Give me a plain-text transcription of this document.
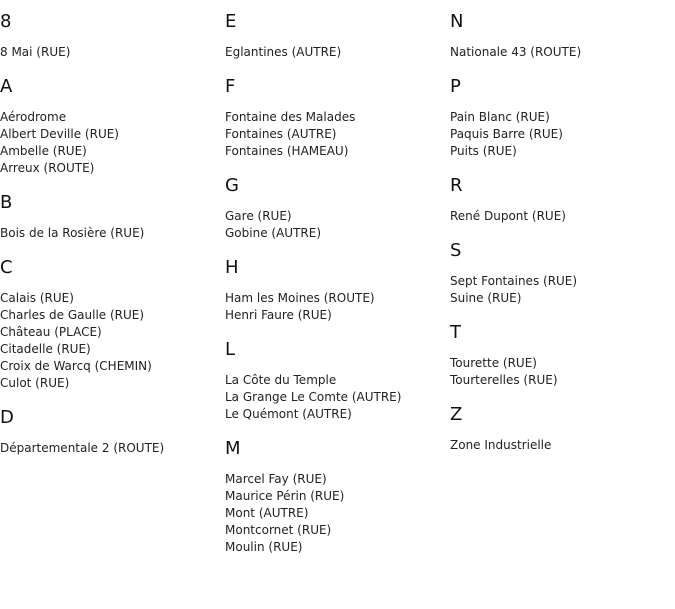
8
8 Mai (RUE)
A
Aérodrome
Albert Deville (RUE)
Ambelle (RUE)
Arreux (ROUTE)
B
Bois de la Rosière (RUE)
C
Calais (RUE)
Charles de Gaulle (RUE)
Château (PLACE)
Citadelle (RUE)
Croix de Warcq (CHEMIN)
Culot (RUE)
D
Départementale 2 (ROUTE)
E
Eglantines (AUTRE)
F
Fontaine des Malades
Fontaines (AUTRE)
Fontaines (HAMEAU)
G
Gare (RUE)
Gobine (AUTRE)
H
Ham les Moines (ROUTE)
Henri Faure (RUE)
L
La Côte du Temple
La Grange Le Comte (AUTRE)
Le Quémont (AUTRE)
M
Marcel Fay (RUE)
Maurice Périn (RUE)
Mont (AUTRE)
Montcornet (RUE)
Moulin (RUE)
N
Nationale 43 (ROUTE)
P
Pain Blanc (RUE)
Paquis Barre (RUE)
Puits (RUE)
R
René Dupont (RUE)
S
Sept Fontaines (RUE)
Suine (RUE)
T
Tourette (RUE)
Tourterelles (RUE)
Z
Zone Industrielle
